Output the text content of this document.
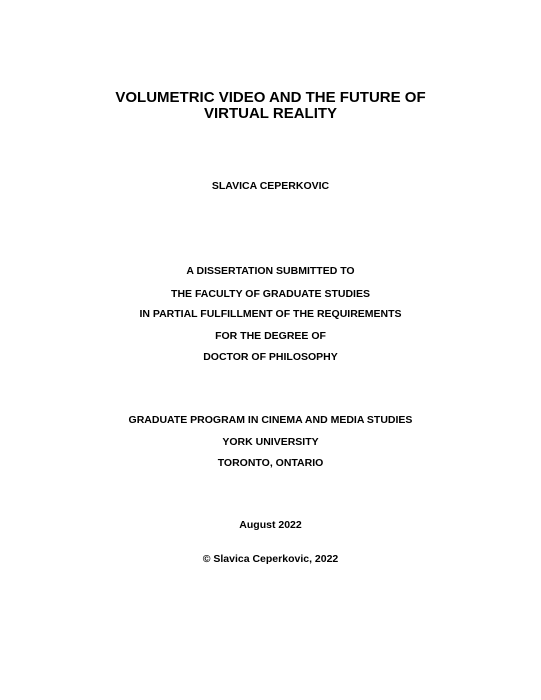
VOLUMETRIC VIDEO AND THE FUTURE OF
VIRTUAL REALITY
SLAVICA CEPERKOVIC
A DISSERTATION SUBMITTED TO
THE FACULTY OF GRADUATE STUDIES
IN PARTIAL FULFILLMENT OF THE REQUIREMENTS
FOR THE DEGREE OF
DOCTOR OF PHILOSOPHY
GRADUATE PROGRAM IN CINEMA AND MEDIA STUDIES
YORK UNIVERSITY
TORONTO, ONTARIO
August 2022
© Slavica Ceperkovic, 2022
